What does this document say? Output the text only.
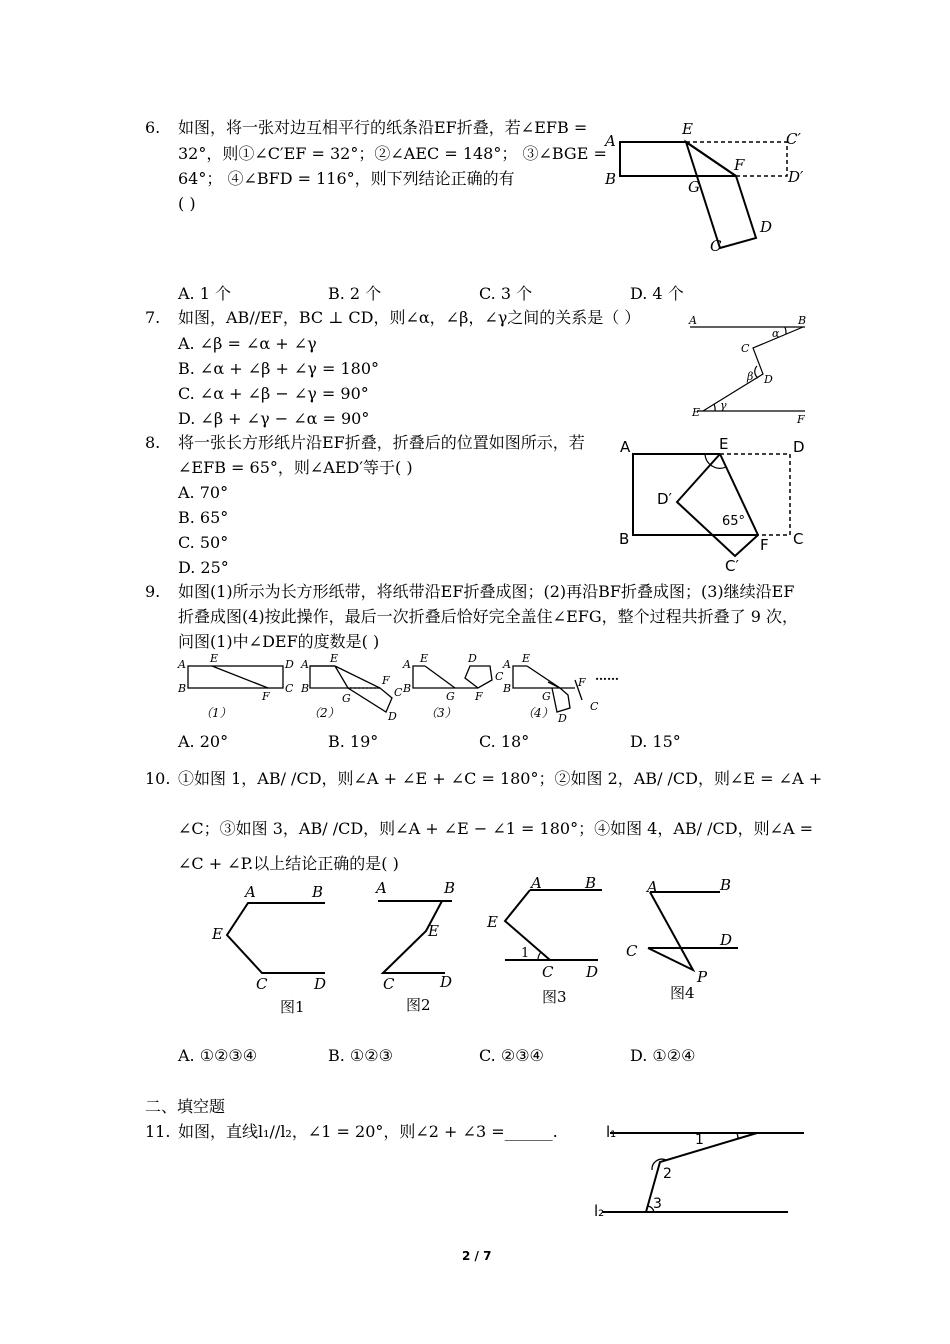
6. 如图，将一张对边互相平行的纸条沿EF折叠，若∠EFB =
32°，则①∠C′EF = 32°；②∠AEC = 148°； ③∠BGE =
64°； ④∠BFD = 116°，则下列结论正确的有
( )
A
E
C′
B
F
D′
G
C
D
A. 1 个	B. 2 个	C. 3 个	D. 4 个
7. 如图，AB//EF，BC ⊥ CD，则∠α，∠β，∠γ之间的关系是（ ）
A. ∠β = ∠α + ∠γ
B. ∠α + ∠β + ∠γ = 180°
C. ∠α + ∠β − ∠γ = 90°
D. ∠β + ∠γ − ∠α = 90°
A	B
α
C
β D
E
γ
F
8. 将一张长方形纸片沿EF折叠，折叠后的位置如图所示，若
∠EFB = 65°，则∠AED′等于( )
A. 70°
B. 65°
C. 50°
D. 25°
A	E	D
D′
65°
B	F C
C′
9. 如图(1)所示为长方形纸带，将纸带沿EF折叠成图；(2)再沿BF折叠成图；(3)继续沿EF
折叠成图(4)按此操作，最后一次折叠后恰好完全盖住∠EFG，整个过程共折叠了 9 次，
问图(1)中∠DEF的度数是( )
A E	D
B	C
F
（1）
A E
B
G
F
C
D
（2）
A E	D
C
B
G F
（3）
A E
B
G
F
D
C
（4）
……
A. 20°	B. 19°	C. 18°	D. 15°
10. ①如图 1，AB/ /CD，则∠A + ∠E + ∠C = 180°；②如图 2，AB/ /CD，则∠E = ∠A +
∠C；③如图 3，AB/ /CD，则∠A + ∠E − ∠1 = 180°；④如图 4，AB/ /CD，则∠A =
∠C + ∠P.以上结论正确的是( )
A	B
E
C	D
图1
A	B
E
C	D
图2
A	B
E
1
C D
图3
A	B
C
D
P
图4
A. ①②③④	B. ①②③	C. ②③④	D. ①②④
二、填空题
11. 如图，直线l₁//l₂，∠1 = 20°，则∠2 + ∠3 =______.	l₁
l₂
1
2
3
2 / 7
